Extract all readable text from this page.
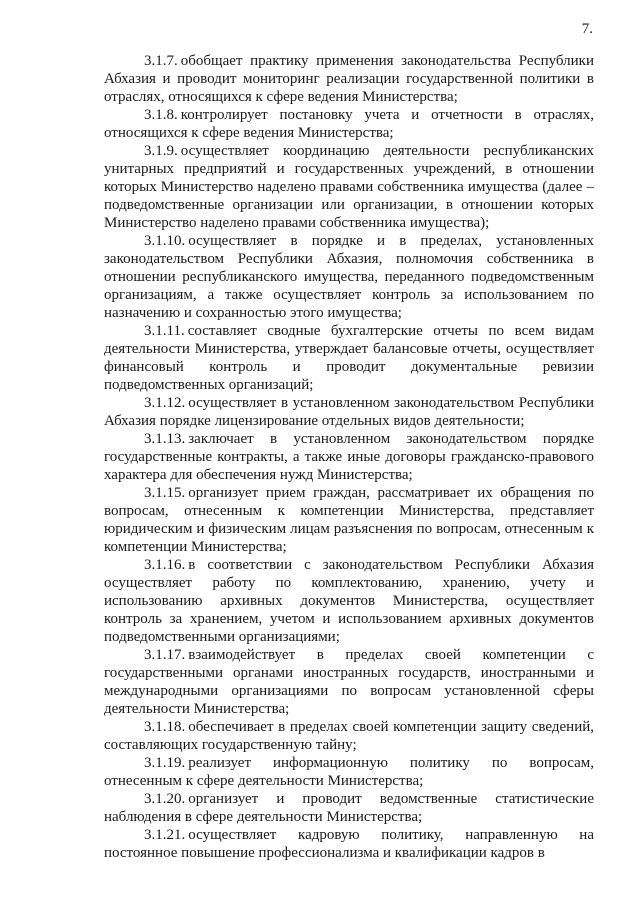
7.

3.1.7. обобщает практику применения законодательства Республики Абхазия и проводит мониторинг реализации государственной политики в отраслях, относящихся к сфере ведения Министерства;

3.1.8. контролирует постановку учета и отчетности в отраслях, относящихся к сфере ведения Министерства;

3.1.9. осуществляет координацию деятельности республиканских унитарных предприятий и государственных учреждений, в отношении которых Министерство наделено правами собственника имущества (далее – подведомственные организации или организации, в отношении которых Министерство наделено правами собственника имущества);

3.1.10. осуществляет в порядке и в пределах, установленных законодательством Республики Абхазия, полномочия собственника в отношении республиканского имущества, переданного подведомственным организациям, а также осуществляет контроль за использованием по назначению и сохранностью этого имущества;

3.1.11. составляет сводные бухгалтерские отчеты по всем видам деятельности Министерства, утверждает балансовые отчеты, осуществляет финансовый контроль и проводит документальные ревизии подведомственных организаций;

3.1.12. осуществляет в установленном законодательством Республики Абхазия порядке лицензирование отдельных видов деятельности;

3.1.13. заключает в установленном законодательством порядке государственные контракты, а также иные договоры гражданско-правового характера для обеспечения нужд Министерства;

3.1.15. организует прием граждан, рассматривает их обращения по вопросам, отнесенным к компетенции Министерства, представляет юридическим и физическим лицам разъяснения по вопросам, отнесенным к компетенции Министерства;

3.1.16. в соответствии с законодательством Республики Абхазия осуществляет работу по комплектованию, хранению, учету и использованию архивных документов Министерства, осуществляет контроль за хранением, учетом и использованием архивных документов подведомственными организациями;

3.1.17. взаимодействует в пределах своей компетенции с государственными органами иностранных государств, иностранными и международными организациями по вопросам установленной сферы деятельности Министерства;

3.1.18. обеспечивает в пределах своей компетенции защиту сведений, составляющих государственную тайну;

3.1.19. реализует информационную политику по вопросам, отнесенным к сфере деятельности Министерства;

3.1.20. организует и проводит ведомственные статистические наблюдения в сфере деятельности Министерства;

3.1.21. осуществляет кадровую политику, направленную на постоянное повышение профессионализма и квалификации кадров в
